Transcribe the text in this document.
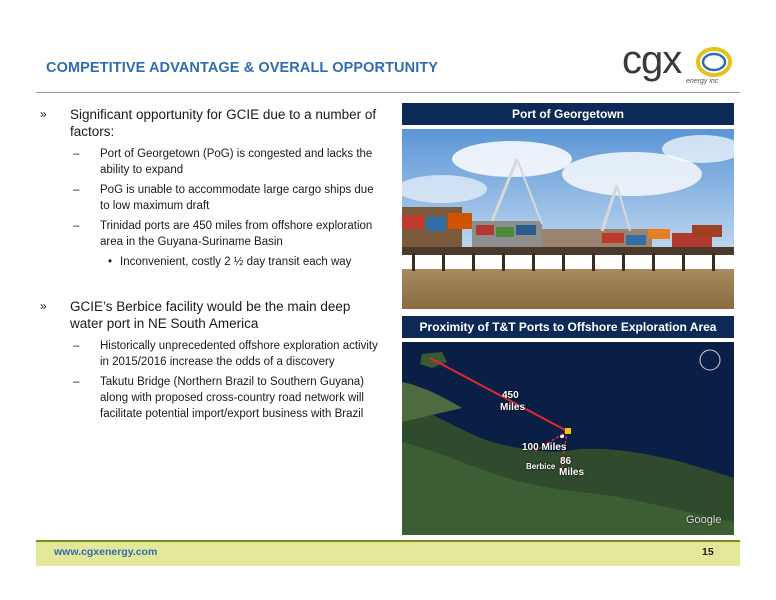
COMPETITIVE ADVANTAGE & OVERALL OPPORTUNITY	cgx energy inc
» Significant opportunity for GCIE due to a number of factors:
– Port of Georgetown (PoG) is congested and lacks the ability to expand
– PoG is unable to accommodate large cargo ships due to low maximum draft
– Trinidad ports are 450 miles from offshore exploration area in the Guyana-Suriname Basin
• Inconvenient, costly 2 ½ day transit each way
» GCIE’s Berbice facility would be the main deep water port in NE South America
– Historically unprecedented offshore exploration activity in 2015/2016 increase the odds of a discovery
– Takutu Bridge (Northern Brazil to Southern Guyana) along with proposed cross-country road network will facilitate potential import/export business with Brazil
Port of Georgetown
Proximity of T&T Ports to Offshore Exploration Area
450
Miles
100 Miles
86
Miles
Berbice
Google
www.cgxenergy.com	15
